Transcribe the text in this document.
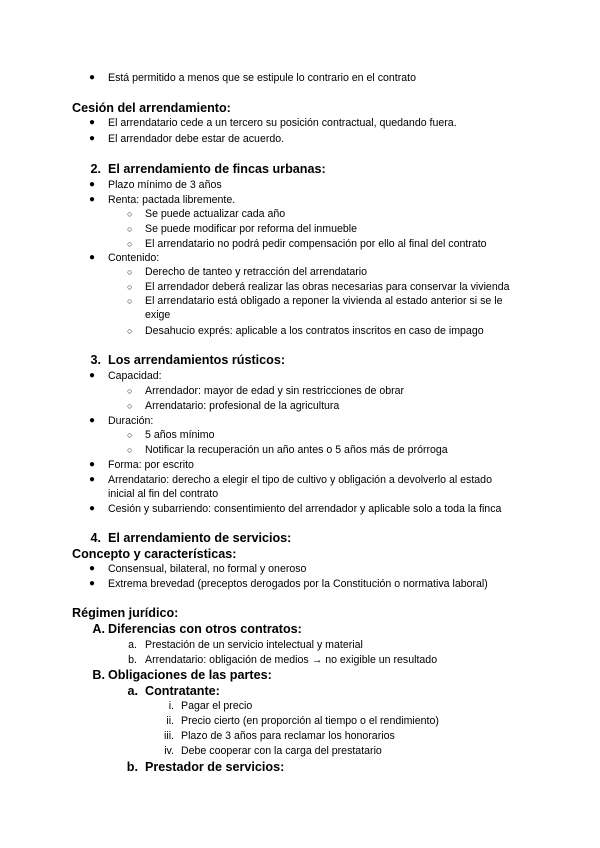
● Está permitido a menos que se estipule lo contrario en el contrato
Cesión del arrendamiento:
● El arrendatario cede a un tercero su posición contractual, quedando fuera.
● El arrendador debe estar de acuerdo.
2. El arrendamiento de fincas urbanas:
● Plazo mínimo de 3 años
● Renta: pactada libremente.
○ Se puede actualizar cada año
○ Se puede modificar por reforma del inmueble
○ El arrendatario no podrá pedir compensación por ello al final del contrato
● Contenido:
○ Derecho de tanteo y retracción del arrendatario
○ El arrendador deberá realizar las obras necesarias para conservar la vivienda
○ El arrendatario está obligado a reponer la vivienda al estado anterior si se le
exige
○ Desahucio exprés: aplicable a los contratos inscritos en caso de impago
3. Los arrendamientos rústicos:
● Capacidad:
○ Arrendador: mayor de edad y sin restricciones de obrar
○ Arrendatario: profesional de la agricultura
● Duración:
○ 5 años mínimo
○ Notificar la recuperación un año antes o 5 años más de prórroga
● Forma: por escrito
● Arrendatario: derecho a elegir el tipo de cultivo y obligación a devolverlo al estado
inicial al fin del contrato
● Cesión y subarriendo: consentimiento del arrendador y aplicable solo a toda la finca
4. El arrendamiento de servicios:
Concepto y características:
● Consensual, bilateral, no formal y oneroso
● Extrema brevedad (preceptos derogados por la Constitución o normativa laboral)
Régimen jurídico:
A. Diferencias con otros contratos:
a. Prestación de un servicio intelectual y material
b. Arrendatario: obligación de medios → no exigible un resultado
B. Obligaciones de las partes:
a. Contratante:
i. Pagar el precio
ii. Precio cierto (en proporción al tiempo o el rendimiento)
iii. Plazo de 3 años para reclamar los honorarios
iv. Debe cooperar con la carga del prestatario
b. Prestador de servicios:
